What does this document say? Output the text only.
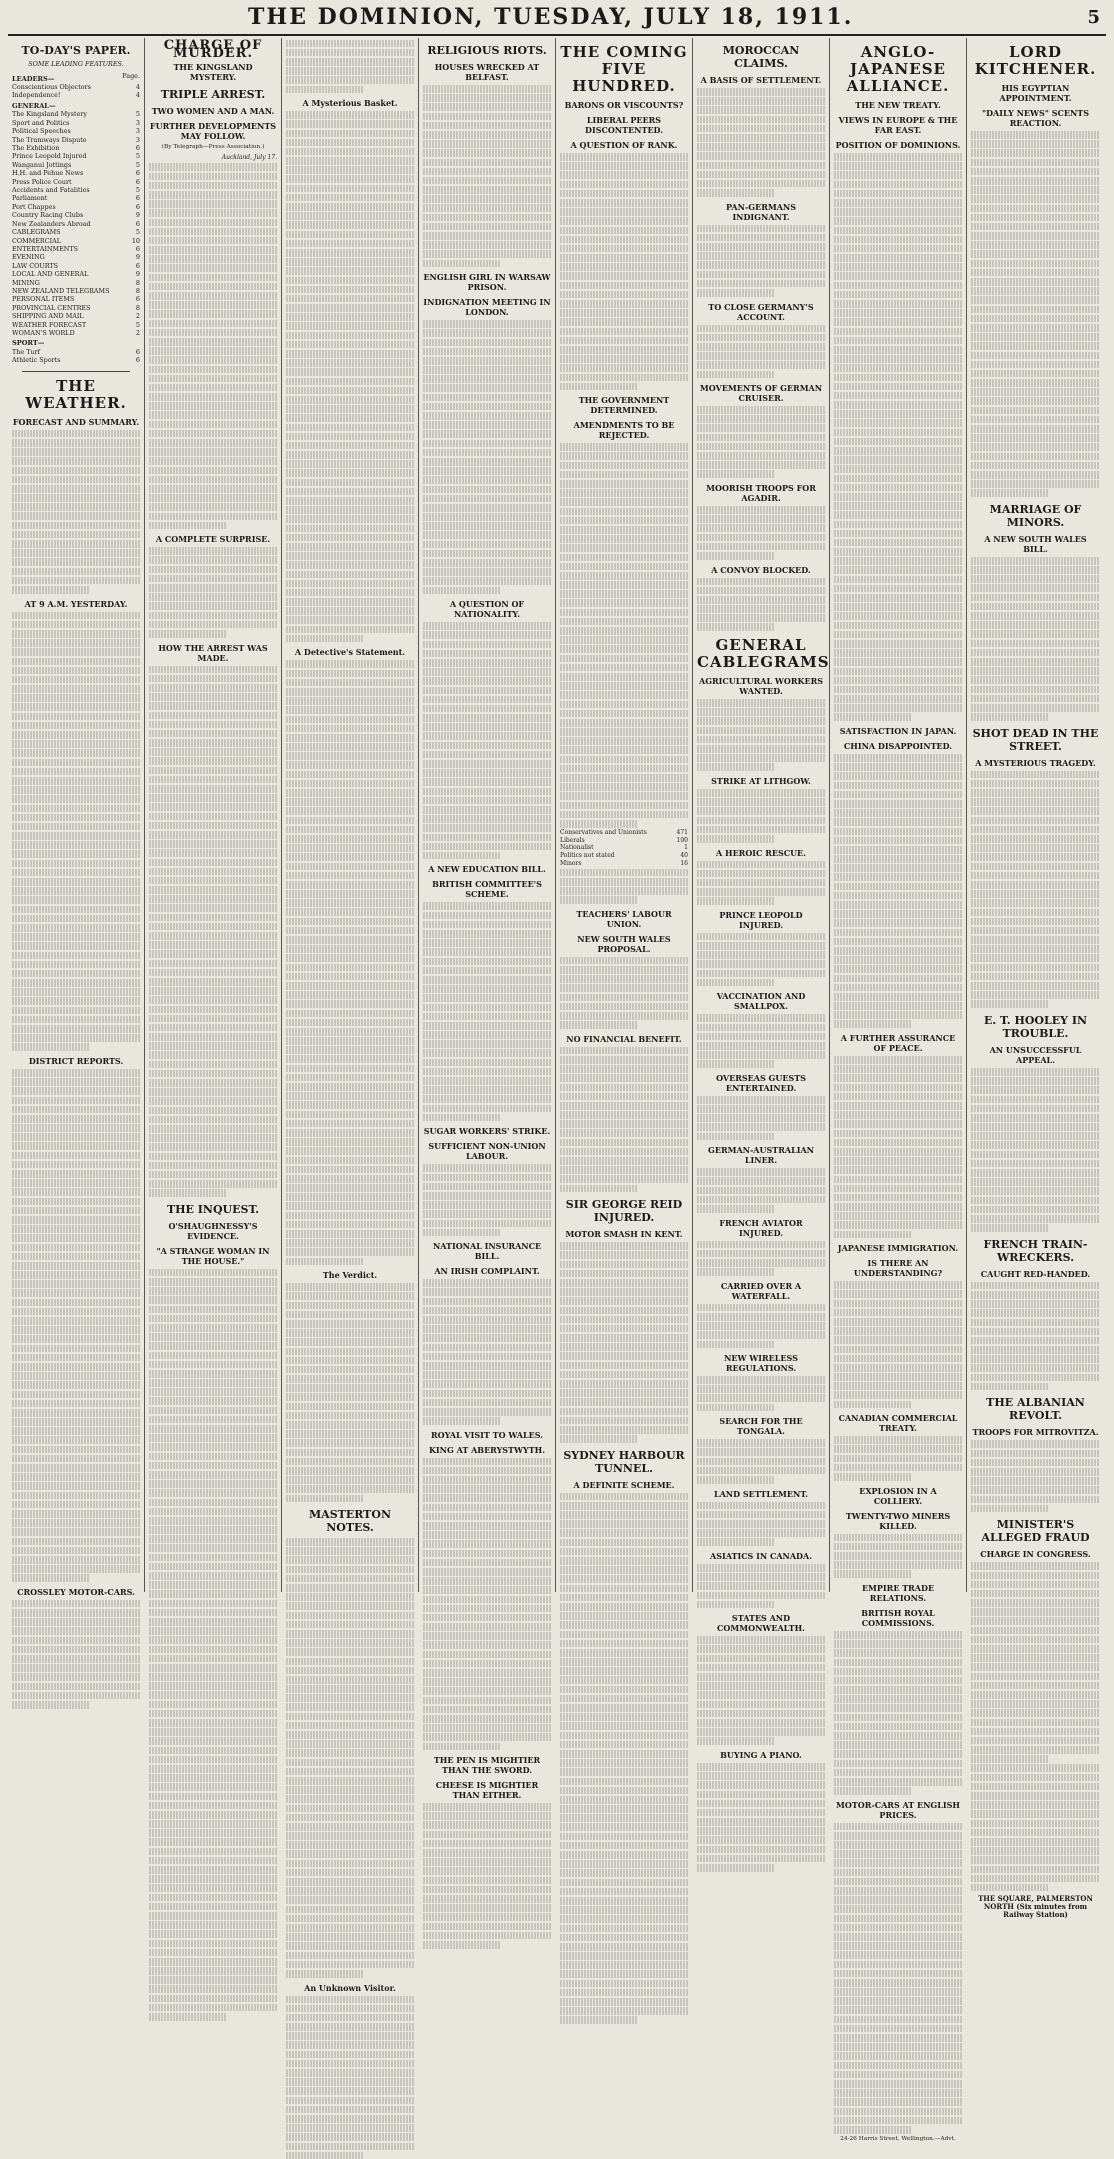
THE DOMINION, TUESDAY, JULY 18, 1911.	5
TO-DAY'S PAPER.
SOME LEADING FEATURES.
LEADERS—	Page.
Conscientious Objectors	4
Independence!	4
GENERAL—
The Kingsland Mystery	5
Sport and Politics	3
Political Speeches	3
The Tramways Dispute	3
The Exhibition	6
Prince Leopold Injured	5
Wanganui Jottings	5
H.H. and Pehue News	6
Press Police Court	6
Accidents and Fatalities	5
Parliament	6
Port Chappes	6
Country Racing Clubs	9
New Zealanders Abroad	6
CABLEGRAMS	5
COMMERCIAL	10
ENTERTAINMENTS	6
EVENING	9
LAW COURTS	6
LOCAL AND GENERAL	9
MINING	8
NEW ZEALAND TELEGRAMS	8
PERSONAL ITEMS	6
PROVINCIAL CENTRES	8
SHIPPING AND MAIL	2
WEATHER FORECAST	5
WOMAN'S WORLD	2
SPORT—
The Turf	6
Athletic Sports	6
THE WEATHER.
FORECAST AND SUMMARY.
AT 9 A.M. YESTERDAY.
DISTRICT REPORTS.
CROSSLEY MOTOR-CARS.
CHARGE OF MURDER.
THE KINGSLAND MYSTERY.
TRIPLE ARREST.
TWO WOMEN AND A MAN.
FURTHER DEVELOPMENTS MAY FOLLOW.
(By Telegraph—Press Association.)
Auckland, July 17.
A COMPLETE SURPRISE.
HOW THE ARREST WAS MADE.
THE INQUEST.
O'SHAUGHNESSY'S EVIDENCE.
"A STRANGE WOMAN IN THE HOUSE."
A Mysterious Basket.
A Detective's Statement.
The Verdict.
MASTERTON NOTES.
An Unknown Visitor.
RELIGIOUS RIOTS.
HOUSES WRECKED AT BELFAST.
ENGLISH GIRL IN WARSAW PRISON.
INDIGNATION MEETING IN LONDON.
A QUESTION OF NATIONALITY.
A NEW EDUCATION BILL.
BRITISH COMMITTEE'S SCHEME.
SUGAR WORKERS' STRIKE.
SUFFICIENT NON-UNION LABOUR.
NATIONAL INSURANCE BILL.
AN IRISH COMPLAINT.
ROYAL VISIT TO WALES.
KING AT ABERYSTWYTH.
THE PEN IS MIGHTIER THAN THE SWORD.
CHEESE IS MIGHTIER THAN EITHER.
THE COMING FIVE HUNDRED.
BARONS OR VISCOUNTS?
LIBERAL PEERS DISCONTENTED.
A QUESTION OF RANK.
THE GOVERNMENT DETERMINED.
AMENDMENTS TO BE REJECTED.
Conservatives and Unionists	471
Liberals	100
Nationalist	1
Politics not stated	40
Minors	16
TEACHERS' LABOUR UNION.
NEW SOUTH WALES PROPOSAL.
NO FINANCIAL BENEFIT.
SIR GEORGE REID INJURED.
MOTOR SMASH IN KENT.
SYDNEY HARBOUR TUNNEL.
A DEFINITE SCHEME.
MOROCCAN CLAIMS.
A BASIS OF SETTLEMENT.
PAN-GERMANS INDIGNANT.
TO CLOSE GERMANY'S ACCOUNT.
MOVEMENTS OF GERMAN CRUISER.
MOORISH TROOPS FOR AGADIR.
A CONVOY BLOCKED.
GENERAL CABLEGRAMS
AGRICULTURAL WORKERS WANTED.
STRIKE AT LITHGOW.
A HEROIC RESCUE.
PRINCE LEOPOLD INJURED.
VACCINATION AND SMALLPOX.
OVERSEAS GUESTS ENTERTAINED.
GERMAN-AUSTRALIAN LINER.
FRENCH AVIATOR INJURED.
CARRIED OVER A WATERFALL.
NEW WIRELESS REGULATIONS.
SEARCH FOR THE TONGALA.
LAND SETTLEMENT.
ASIATICS IN CANADA.
STATES AND COMMONWEALTH.
BUYING A PIANO.
ANGLO-JAPANESE ALLIANCE.
THE NEW TREATY.
VIEWS IN EUROPE & THE FAR EAST.
POSITION OF DOMINIONS.
SATISFACTION IN JAPAN.
CHINA DISAPPOINTED.
A FURTHER ASSURANCE OF PEACE.
JAPANESE IMMIGRATION.
IS THERE AN UNDERSTANDING?
CANADIAN COMMERCIAL TREATY.
EXPLOSION IN A COLLIERY.
TWENTY-TWO MINERS KILLED.
EMPIRE TRADE RELATIONS.
BRITISH ROYAL COMMISSIONS.
MOTOR-CARS AT ENGLISH PRICES.
24-26 Harris Street, Wellington.—Advt.
LORD KITCHENER.
HIS EGYPTIAN APPOINTMENT.
"DAILY NEWS" SCENTS REACTION.
MARRIAGE OF MINORS.
A NEW SOUTH WALES BILL.
SHOT DEAD IN THE STREET.
A MYSTERIOUS TRAGEDY.
E. T. HOOLEY IN TROUBLE.
AN UNSUCCESSFUL APPEAL.
FRENCH TRAIN-WRECKERS.
CAUGHT RED-HANDED.
THE ALBANIAN REVOLT.
TROOPS FOR MITROVITZA.
MINISTER'S ALLEGED FRAUD
CHARGE IN CONGRESS.
THE SQUARE, PALMERSTON NORTH (Six minutes from Railway Station)
